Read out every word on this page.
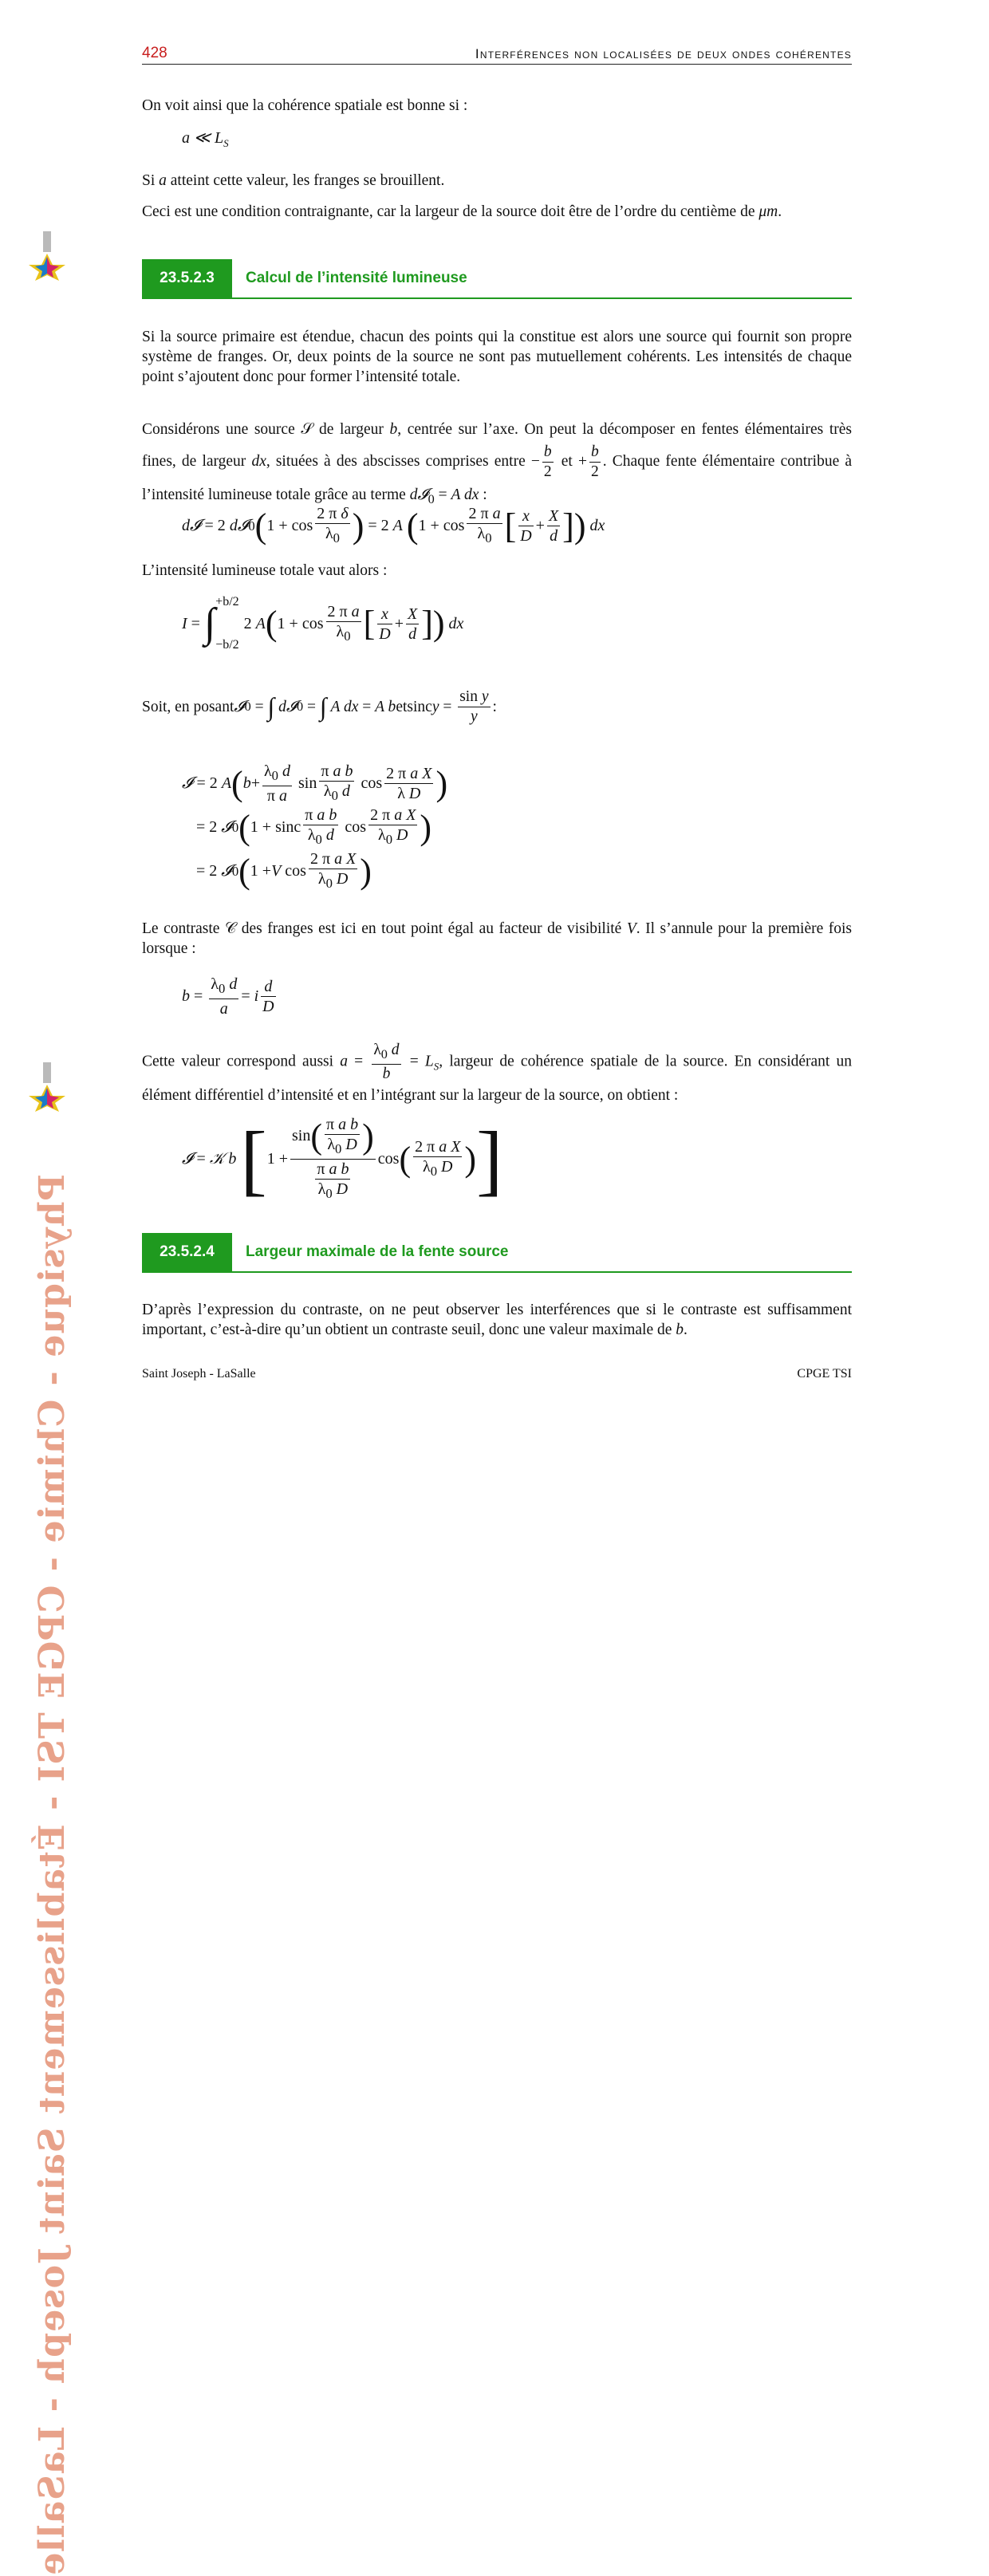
Physique - Chimie - CPGE TSI - Établissement Saint Joseph - LaSalle
428	Interférences non localisées de deux ondes cohérentes
On voit ainsi que la cohérence spatiale est bonne si :
a ≪ $L_S$
Si a atteint cette valeur, les franges se brouillent.
Ceci est une condition contraignante, car la largeur de la source doit être de l’ordre du centième de μm.
23.5.2.3	Calcul de l’intensité lumineuse
Si la source primaire est étendue, chacun des points qui la constitue est alors une source qui fournit son propre système de franges. Or, deux points de la source ne sont pas mutuellement cohérents. Les intensités de chaque point s’ajoutent donc pour former l’intensité totale.
Considérons une source 𝒮 de largeur b, centrée sur l’axe. On peut la décomposer en fentes élémentaires très fines, de largeur dx, situées à des abscisses comprises entre − $\frac{b}{2}$ et + $\frac{b}{2}$ . Chaque fente élémentaire contribue à l’intensité lumineuse totale grâce au terme d𝓘$_0$ = A dx :
d𝓘 = 2 d𝓘 0 ( 1 + cos
2 π δ
$\lambda_0$ ) = 2 A
( 1 + cos
2 π a
$\lambda_0$ [ x
D
+
X
d ])
dx
L’intensité lumineuse totale vaut alors :
I = ∫ +b/2
−b/2
2 A ( 1 + cos
2 π a
$\lambda_0$ [ x
D
+
X
d ])
dx
Soit, en posant 𝓘 0 = ∫
d𝓘 0 = ∫
A dx = A b et sinc y =
sin y
y
:
𝓘 = 2 A ( b +
$\lambda_0$ d
π a
sin
π a b
$\lambda_0$ d cos
2 π a X
λ D )
= 2 𝓘 0 ( 1 + sinc
π a b
$\lambda_0$ d cos
2 π a X
$\lambda_0$ D )
= 2 𝓘 0 ( 1 + V cos
2 π a X
$\lambda_0$ D )
Le contraste 𝒞 des franges est ici en tout point égal au facteur de visibilité V. Il s’annule pour la première fois lorsque :
b =
$\lambda_0$ d
a
= i
d
D
Cette valeur correspond aussi $a = \frac{\lambda_0 d}{b} = L_S$, largeur de cohérence spatiale de la source. En considérant un élément différentiel d’intensité et en l’intégrant sur la largeur de la source, on obtient :
𝓘 = 𝒦 b
[ 1 +
$\sin( \frac{\text{π a b}}{\lambda_0 D}$ )
$\frac{\text{π a b}}{\lambda_0 D}$
cos ( 2 π a X
$\lambda_0$ D ) ]
23.5.2.4	Largeur maximale de la fente source
D’après l’expression du contraste, on ne peut observer les interférences que si le contraste est suffisamment important, c’est-à-dire qu’un obtient un contraste seuil, donc une valeur maximale de b.
Saint Joseph - LaSalle	CPGE TSI
